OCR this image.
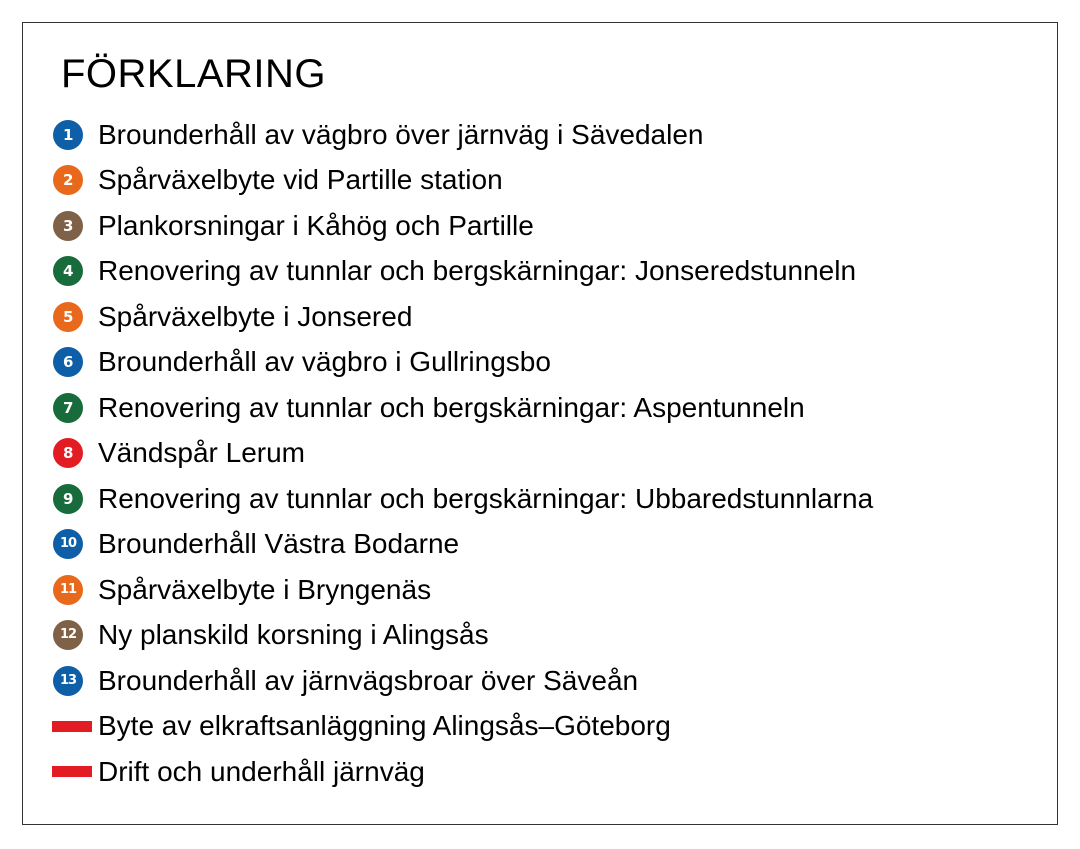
FÖRKLARING
1 Brounderhåll av vägbro över järnväg i Sävedalen
2 Spårväxelbyte vid Partille station
3 Plankorsningar i Kåhög och Partille
4 Renovering av tunnlar och bergskärningar: Jonseredstunneln
5 Spårväxelbyte i Jonsered
6 Brounderhåll av vägbro i Gullringsbo
7 Renovering av tunnlar och bergskärningar: Aspentunneln
8 Vändspår Lerum
9 Renovering av tunnlar och bergskärningar: Ubbaredstunnlarna
10 Brounderhåll Västra Bodarne
11 Spårväxelbyte i Bryngenäs
12 Ny planskild korsning i Alingsås
13 Brounderhåll av järnvägsbroar över Säveån
Byte av elkraftsanläggning Alingsås–Göteborg
Drift och underhåll järnväg
